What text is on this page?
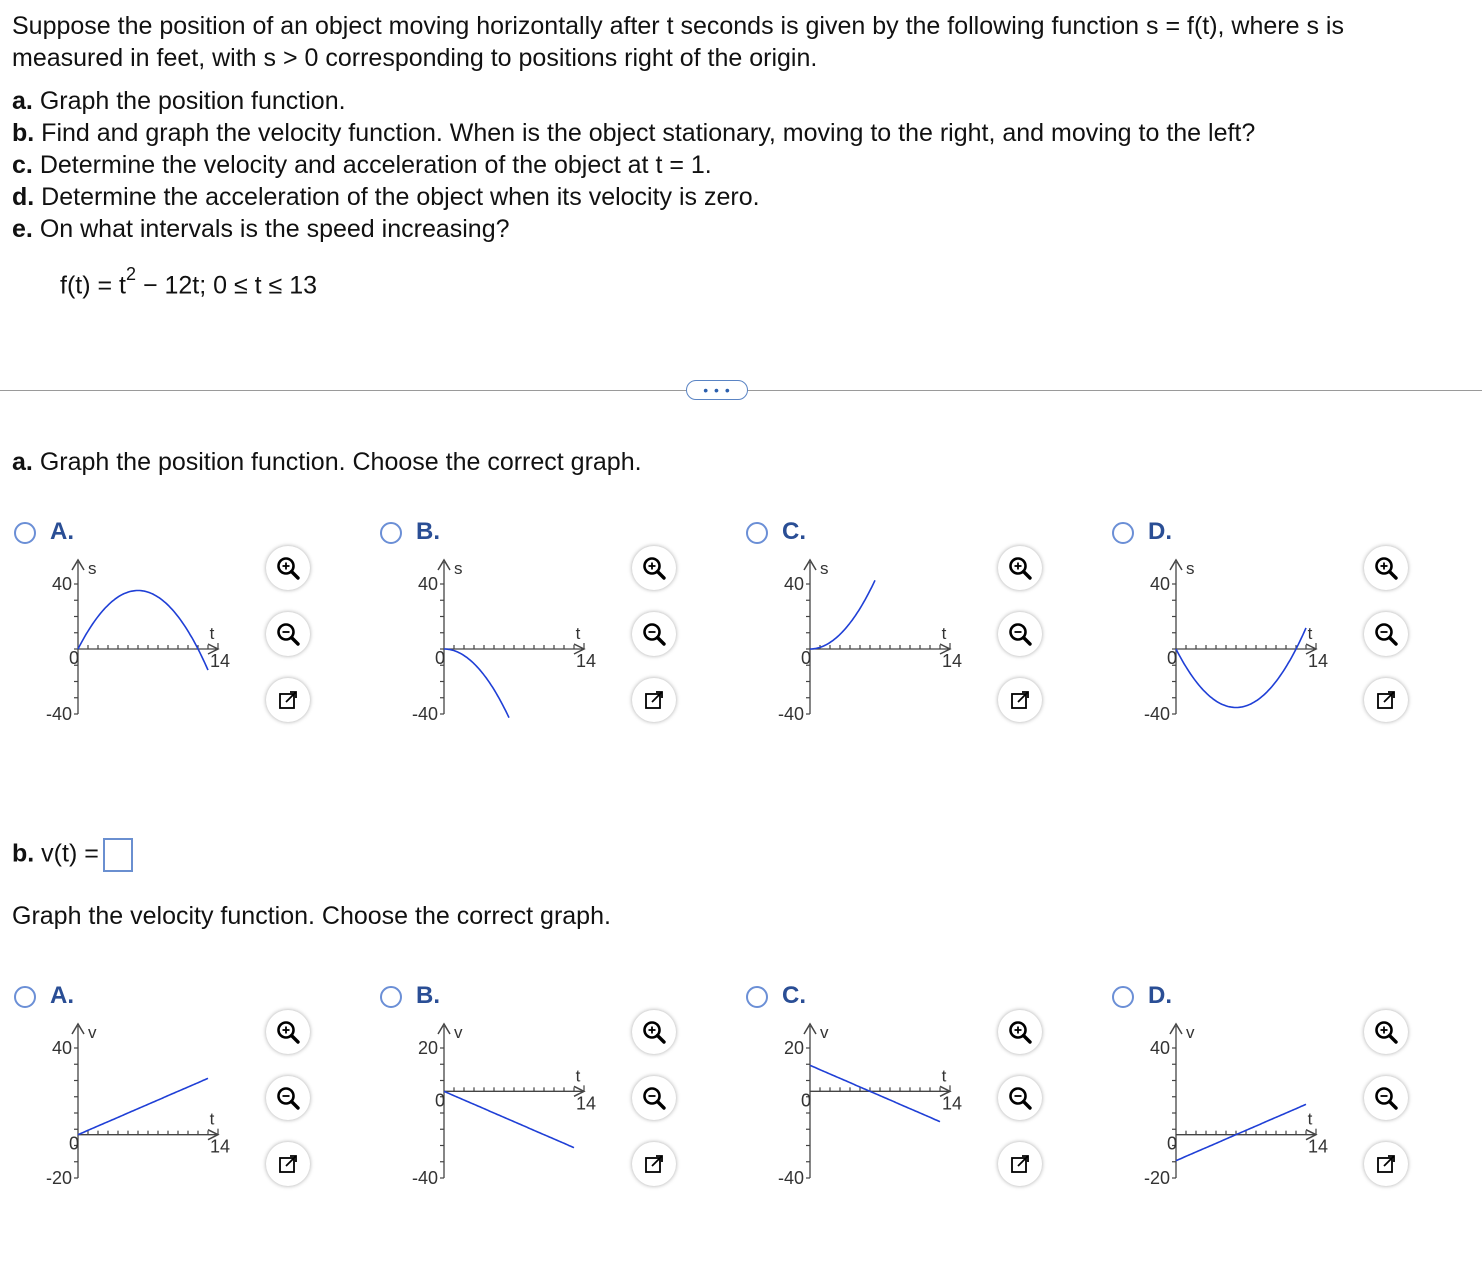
Suppose the position of an object moving horizontally after t seconds is given by the following function s = f(t), where s is measured in feet, with s > 0 corresponding to positions right of the origin.

a. Graph the position function.
b. Find and graph the velocity function. When is the object stationary, moving to the right, and moving to the left?
c. Determine the velocity and acceleration of the object at t = 1.
d. Determine the acceleration of the object when its velocity is zero.
e. On what intervals is the speed increasing?
$f(t) = t^2 - 12t$; 0 ≤ t ≤ 13
• • •
a. Graph the position function. Choose the correct graph.
A.
s
40
-40
0	14
t
B.
s
40
-40
0	14
t
C.
s
40
-40
0	14
t
D.
s
40
-40
0	14
t
b. v(t) =
Graph the velocity function. Choose the correct graph.
A.
v
40
-20
0	14
t
B.
v
20
-40
0	14
t
C.
v
20
-40
0	14
t
D.
v
40
-20
0	14
t
